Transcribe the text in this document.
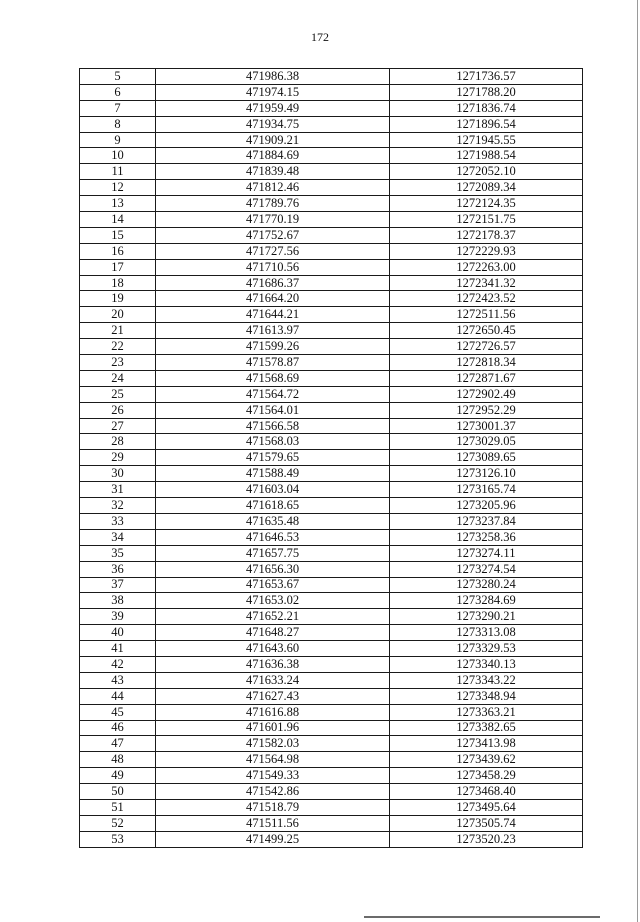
172
5	471986.38	1271736.57
6	471974.15	1271788.20
7	471959.49	1271836.74
8	471934.75	1271896.54
9	471909.21	1271945.55
10	471884.69	1271988.54
11	471839.48	1272052.10
12	471812.46	1272089.34
13	471789.76	1272124.35
14	471770.19	1272151.75
15	471752.67	1272178.37
16	471727.56	1272229.93
17	471710.56	1272263.00
18	471686.37	1272341.32
19	471664.20	1272423.52
20	471644.21	1272511.56
21	471613.97	1272650.45
22	471599.26	1272726.57
23	471578.87	1272818.34
24	471568.69	1272871.67
25	471564.72	1272902.49
26	471564.01	1272952.29
27	471566.58	1273001.37
28	471568.03	1273029.05
29	471579.65	1273089.65
30	471588.49	1273126.10
31	471603.04	1273165.74
32	471618.65	1273205.96
33	471635.48	1273237.84
34	471646.53	1273258.36
35	471657.75	1273274.11
36	471656.30	1273274.54
37	471653.67	1273280.24
38	471653.02	1273284.69
39	471652.21	1273290.21
40	471648.27	1273313.08
41	471643.60	1273329.53
42	471636.38	1273340.13
43	471633.24	1273343.22
44	471627.43	1273348.94
45	471616.88	1273363.21
46	471601.96	1273382.65
47	471582.03	1273413.98
48	471564.98	1273439.62
49	471549.33	1273458.29
50	471542.86	1273468.40
51	471518.79	1273495.64
52	471511.56	1273505.74
53	471499.25	1273520.23
